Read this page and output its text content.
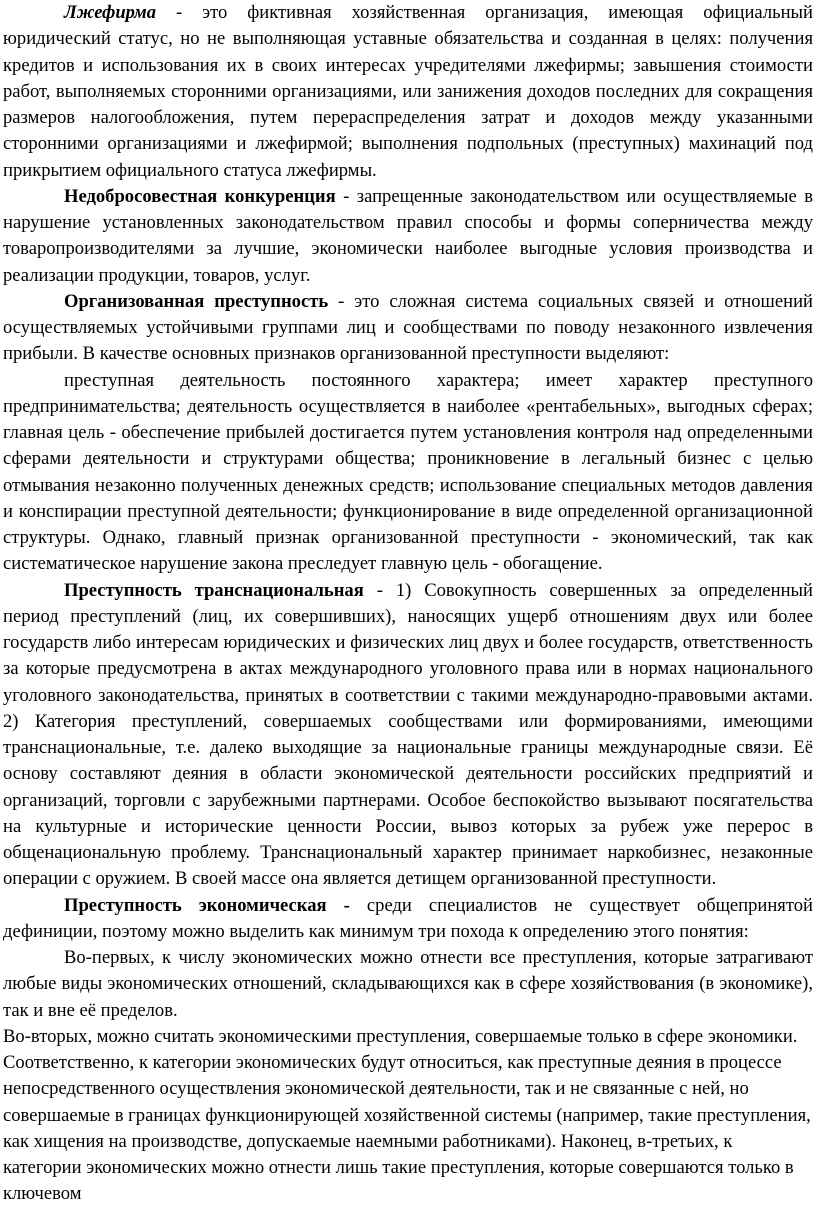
Лжефирма - это фиктивная хозяйственная организация, имеющая официальный юридический статус, но не выполняющая уставные обязательства и созданная в целях: получения кредитов и использования их в своих интересах учредителями лжефирмы; завышения стоимости работ, выполняемых сторонними организациями, или занижения доходов последних для сокращения размеров налогообложения, путем перераспределения затрат и доходов между указанными сторонними организациями и лжефирмой; выполнения подпольных (преступных) махинаций под прикрытием официального статуса лжефирмы.

Недобросовестная конкуренция - запрещенные законодательством или осуществляемые в нарушение установленных законодательством правил способы и формы соперничества между товаропроизводителями за лучшие, экономически наиболее выгодные условия производства и реализации продукции, товаров, услуг.

Организованная преступность - это сложная система социальных связей и отношений осуществляемых устойчивыми группами лиц и сообществами по поводу незаконного извлечения прибыли. В качестве основных признаков организованной преступности выделяют:

преступная деятельность постоянного характера; имеет характер преступного предпринимательства; деятельность осуществляется в наиболее «рентабельных», выгодных сферах; главная цель - обеспечение прибылей достигается путем установления контроля над определенными сферами деятельности и структурами общества; проникновение в легальный бизнес с целью отмывания незаконно полученных денежных средств; использование специальных методов давления и конспирации преступной деятельности; функционирование в виде определенной организационной структуры. Однако, главный признак организованной преступности - экономический, так как систематическое нарушение закона преследует главную цель - обогащение.

Преступность транснациональная - 1) Совокупность совершенных за определенный период преступлений (лиц, их совершивших), наносящих ущерб отношениям двух или более государств либо интересам юридических и физических лиц двух и более государств, ответственность за которые предусмотрена в актах международного уголовного права или в нормах национального уголовного законодательства, принятых в соответствии с такими международно-правовыми актами. 2) Категория преступлений, совершаемых сообществами или формированиями, имеющими транснациональные, т.е. далеко выходящие за национальные границы международные связи. Её основу составляют деяния в области экономической деятельности российских предприятий и организаций, торговли с зарубежными партнерами. Особое беспокойство вызывают посягательства на культурные и исторические ценности России, вывоз которых за рубеж уже перерос в общенациональную проблему. Транснациональный характер принимает наркобизнес, незаконные операции с оружием. В своей массе она является детищем организованной преступности.

Преступность экономическая - среди специалистов не существует общепринятой дефиниции, поэтому можно выделить как минимум три похода к определению этого понятия:

Во-первых, к числу экономических можно отнести все преступления, которые затрагивают любые виды экономических отношений, складывающихся как в сфере хозяйствования (в экономике), так и вне её пределов.

Во-вторых, можно считать экономическими преступления, совершаемые только в сфере экономики. Соответственно, к категории экономических будут относиться, как преступные деяния в процессе непосредственного осуществления экономической деятельности, так и не связанные с ней, но совершаемые в границах функционирующей хозяйственной системы (например, такие преступления, как хищения на производстве, допускаемые наемными работниками). Наконец, в-третьих, к категории экономических можно отнести лишь такие преступления, которые совершаются только в ключевом
